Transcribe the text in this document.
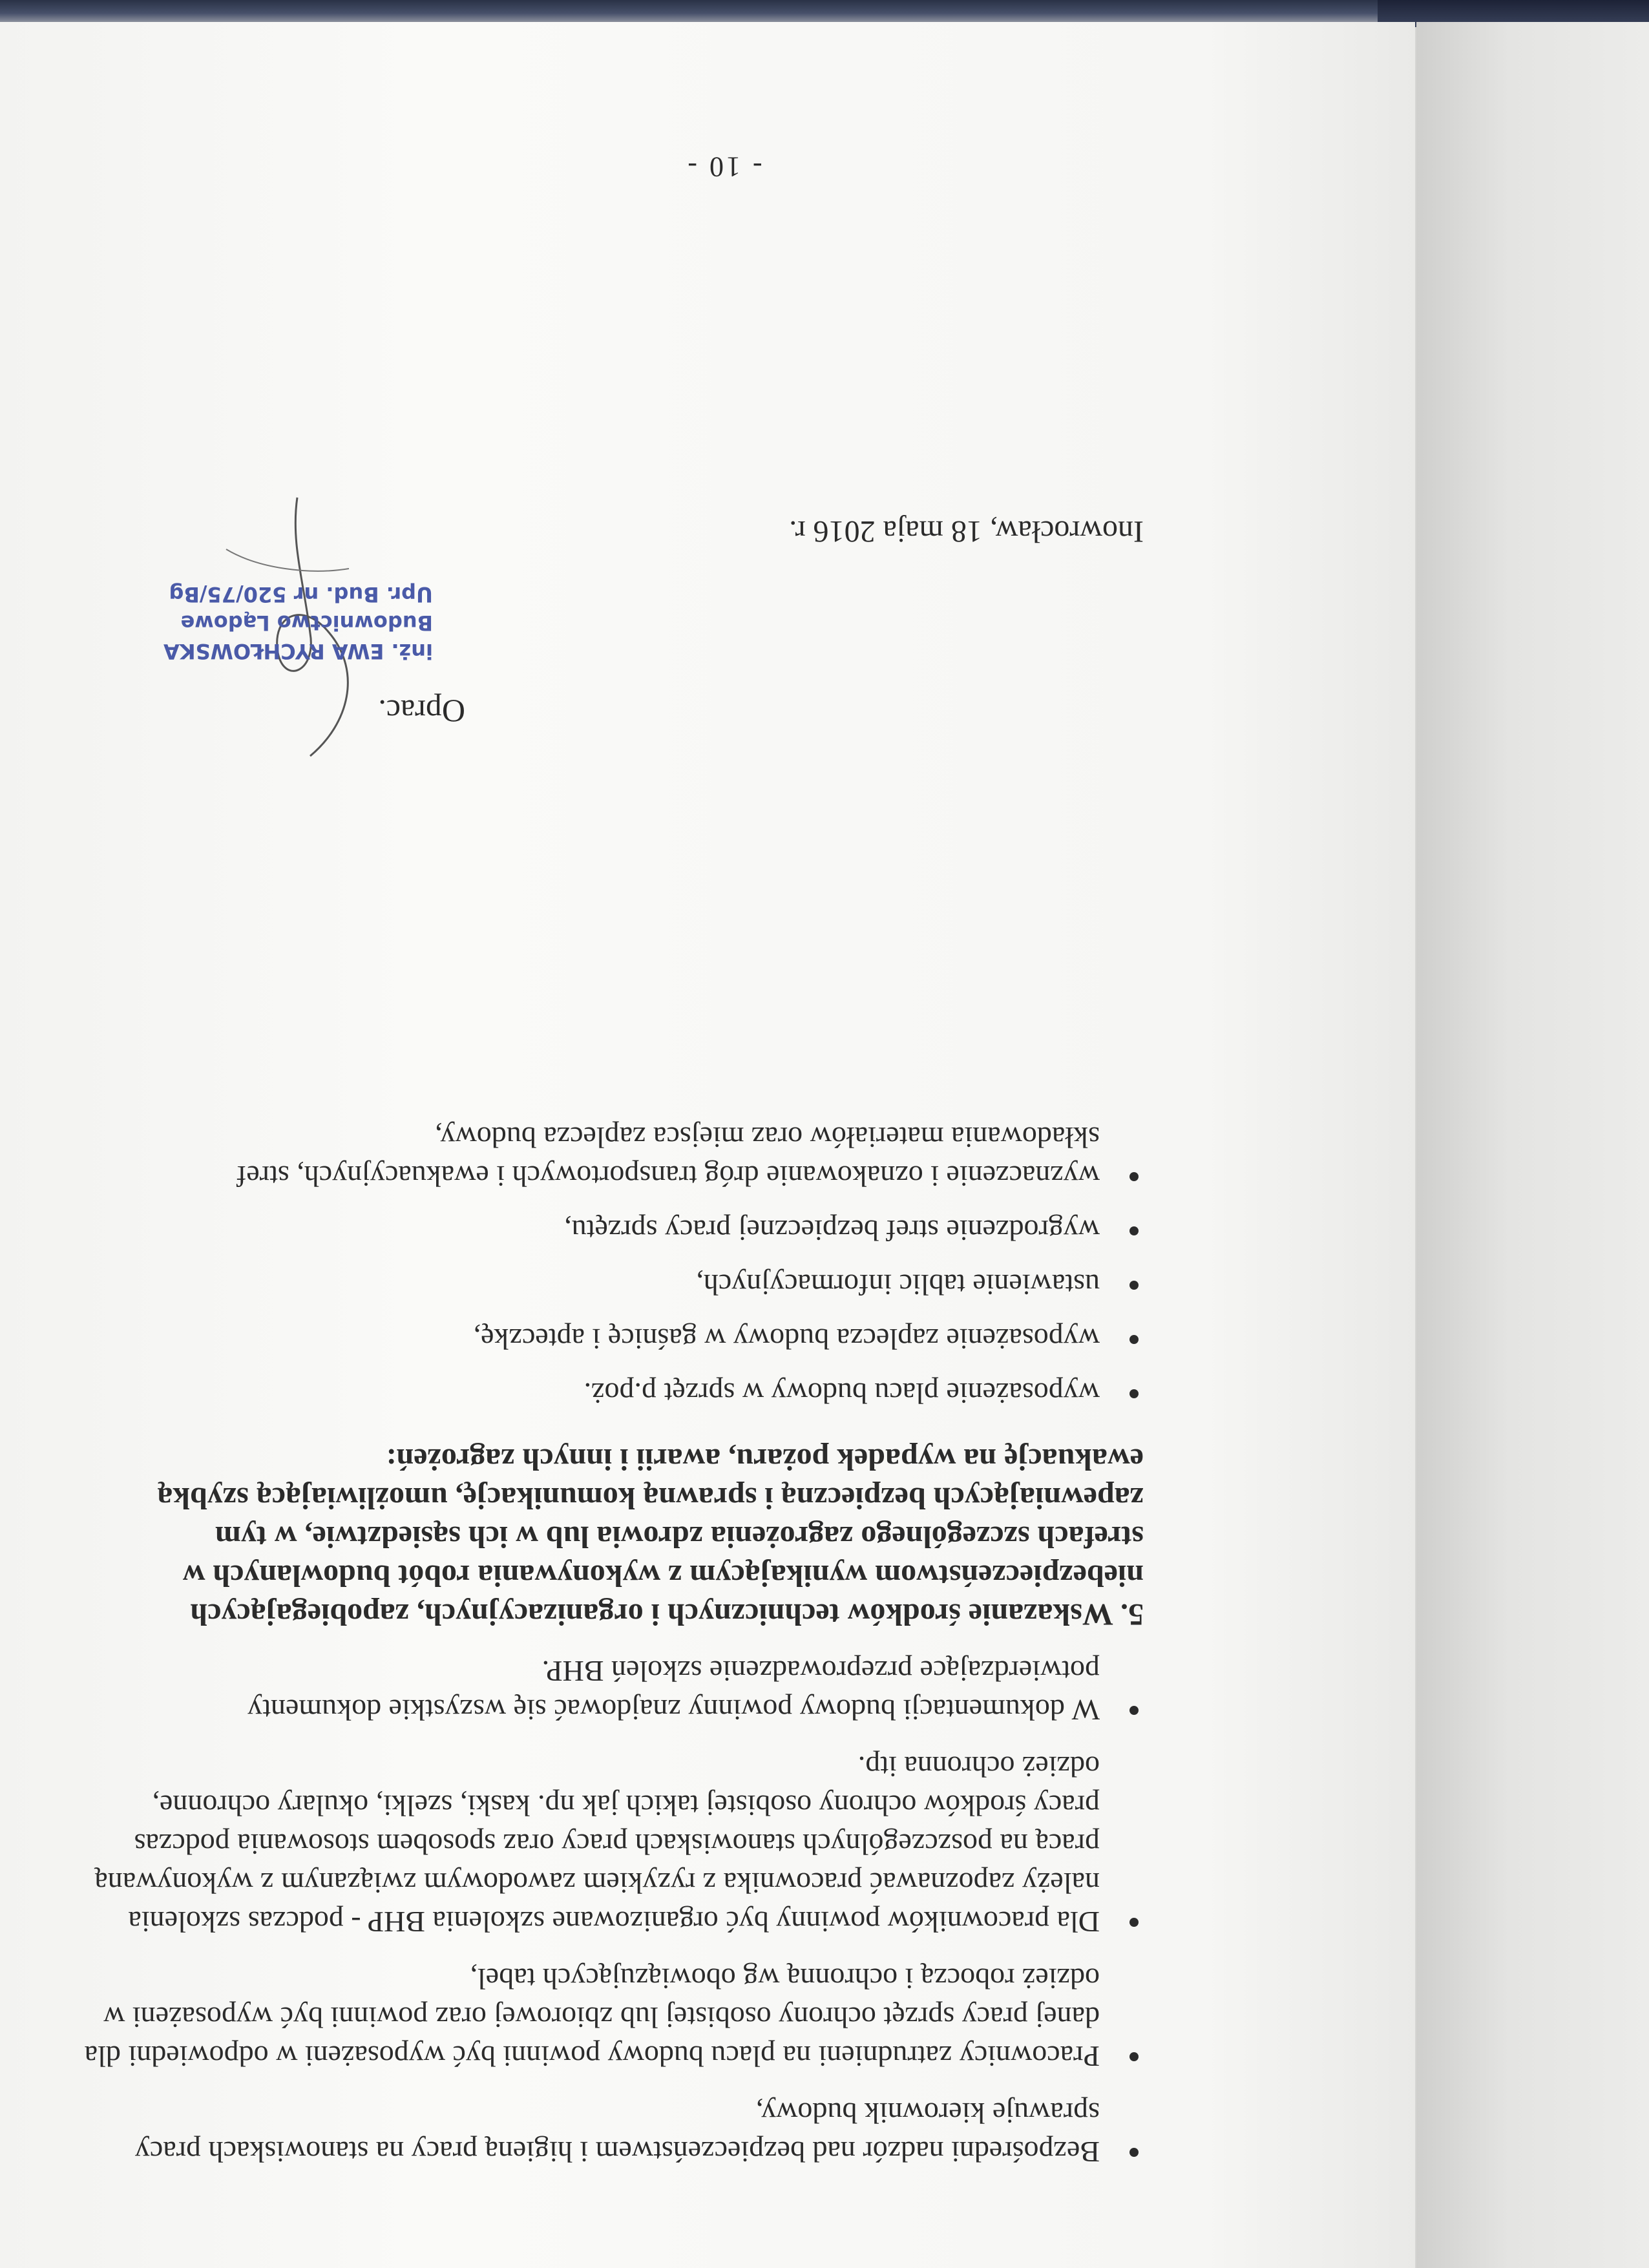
Bezpośredni nadzór nad bezpieczeństwem i higieną pracy na stanowiskach pracy sprawuje kierownik budowy,
Pracownicy zatrudnieni na placu budowy powinni być wyposażeni w odpowiedni dla danej pracy sprzęt ochrony osobistej lub zbiorowej oraz powinni być wyposażeni w odzież roboczą i ochronną wg obowiązujących tabel,
Dla pracowników powinny być organizowane szkolenia BHP - podczas szkolenia należy zapoznawać pracownika z ryzykiem zawodowym związanym z wykonywaną pracą na poszczególnych stanowiskach pracy oraz sposobem stosowania podczas pracy środków ochrony osobistej takich jak np. kaski, szelki, okulary ochronne, odzież ochronna itp.
W dokumentacji budowy powinny znajdować się wszystkie dokumenty potwierdzające przeprowadzenie szkoleń BHP.
5. Wskazanie środków technicznych i organizacyjnych, zapobiegających niebezpieczeństwom wynikającym z wykonywania robót budowlanych w strefach szczególnego zagrożenia zdrowia lub w ich sąsiedztwie, w tym zapewniających bezpieczną i sprawną komunikację, umożliwiającą szybką ewakuację na wypadek pożaru, awarii i innych zagrożeń:
wyposażenie placu budowy w sprzęt p.poż.
wyposażenie zaplecza budowy w gaśnicę i apteczkę,
ustawienie tablic informacyjnych,
wygrodzenie stref bezpiecznej pracy sprzętu,
wyznaczenie i oznakowanie dróg transportowych i ewakuacyjnych, stref składowania materiałów oraz miejsca zaplecza budowy,
Oprac.
inż. EWA RYCHŁOWSKA
Budownictwo Lądowe
Upr. Bud. nr 520/75/Bg
Inowrocław, 18 maja 2016 r.
- 10 -
